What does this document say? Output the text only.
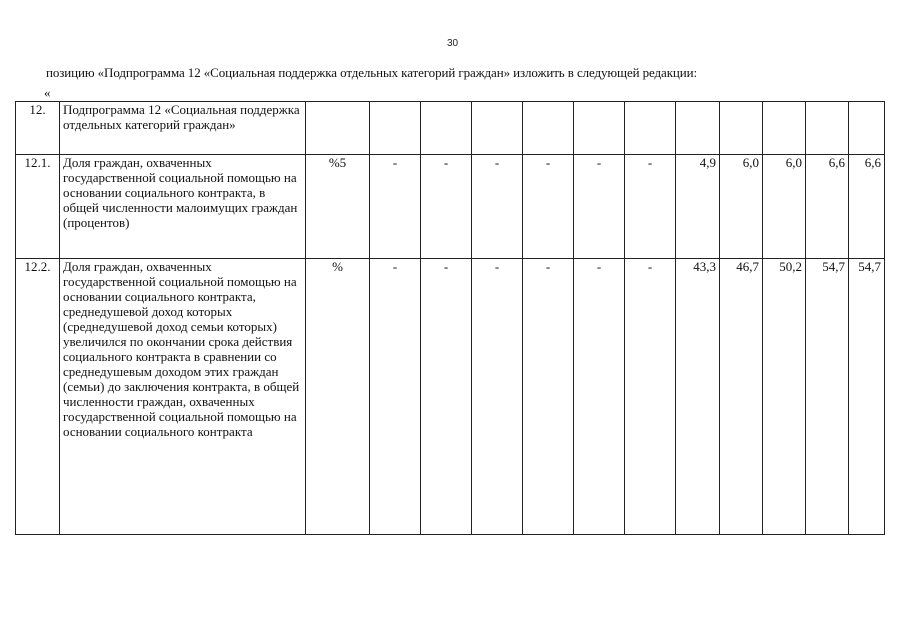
30
позицию «Подпрограмма 12 «Социальная поддержка отдельных категорий граждан» изложить в следующей редакции:
«
12.	Подпрограмма 12 «Социальная поддержка отдельных категорий граждан»												
12.1.	Доля граждан, охваченных государственной социальной помощью на основании социального контракта, в общей численности малоимущих граждан (процентов)	%5	-	-	-	-	-	-	4,9	6,0	6,0	6,6	6,6
12.2.	Доля граждан, охваченных государственной социальной помощью на основании социального контракта, среднедушевой доход которых (среднедушевой доход семьи которых) увеличился по окончании срока действия социального контракта в сравнении со среднедушевым доходом этих граждан (семьи) до заключения контракта, в общей численности граждан, охваченных государственной социальной помощью на основании социального контракта	%	-	-	-	-	-	-	43,3	46,7	50,2	54,7	54,7
